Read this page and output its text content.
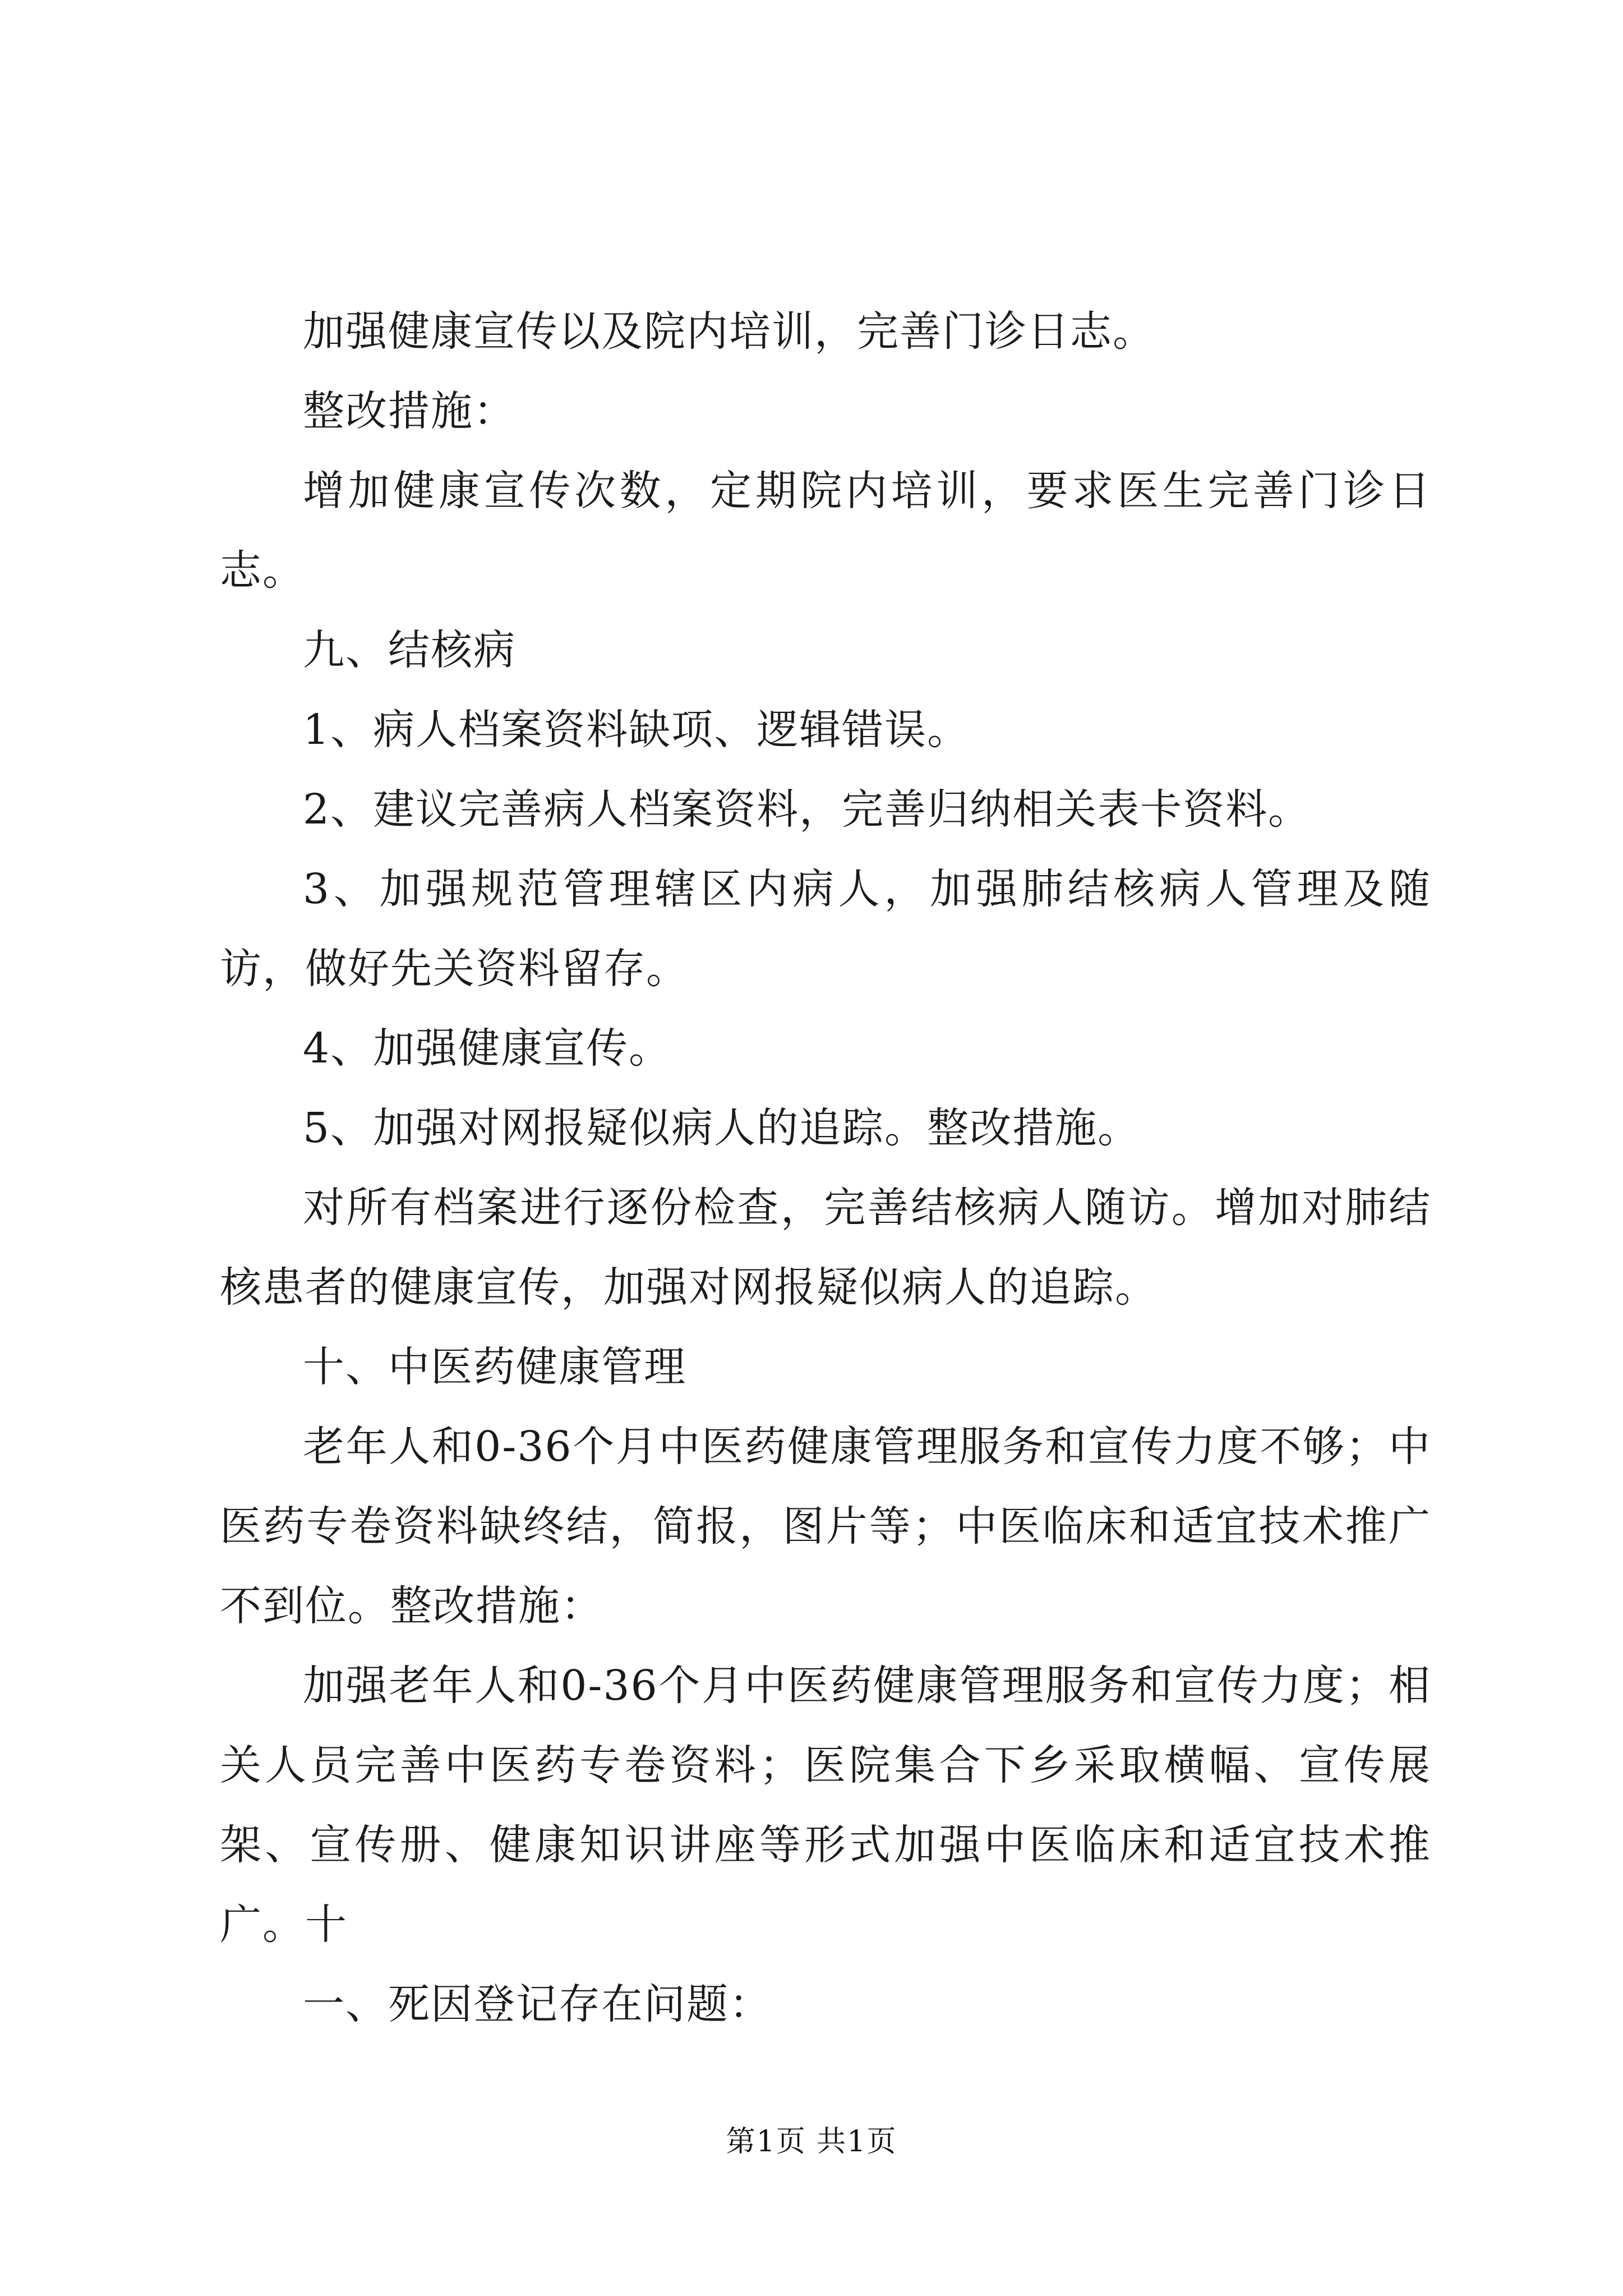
加强健康宣传以及院内培训，完善门诊日志。

整改措施：

增加健康宣传次数，定期院内培训，要求医生完善门诊日志。

九、结核病

1、病人档案资料缺项、逻辑错误。

2、建议完善病人档案资料，完善归纳相关表卡资料。

3、加强规范管理辖区内病人，加强肺结核病人管理及随访，做好先关资料留存。

4、加强健康宣传。

5、加强对网报疑似病人的追踪。整改措施。

对所有档案进行逐份检查，完善结核病人随访。增加对肺结核患者的健康宣传，加强对网报疑似病人的追踪。

十、中医药健康管理

老年人和0-36个月中医药健康管理服务和宣传力度不够；中医药专卷资料缺终结，简报，图片等；中医临床和适宜技术推广不到位。整改措施：

加强老年人和0-36个月中医药健康管理服务和宣传力度；相关人员完善中医药专卷资料；医院集合下乡采取横幅、宣传展架、宣传册、健康知识讲座等形式加强中医临床和适宜技术推广。十

一、死因登记存在问题：

第1页 共1页
